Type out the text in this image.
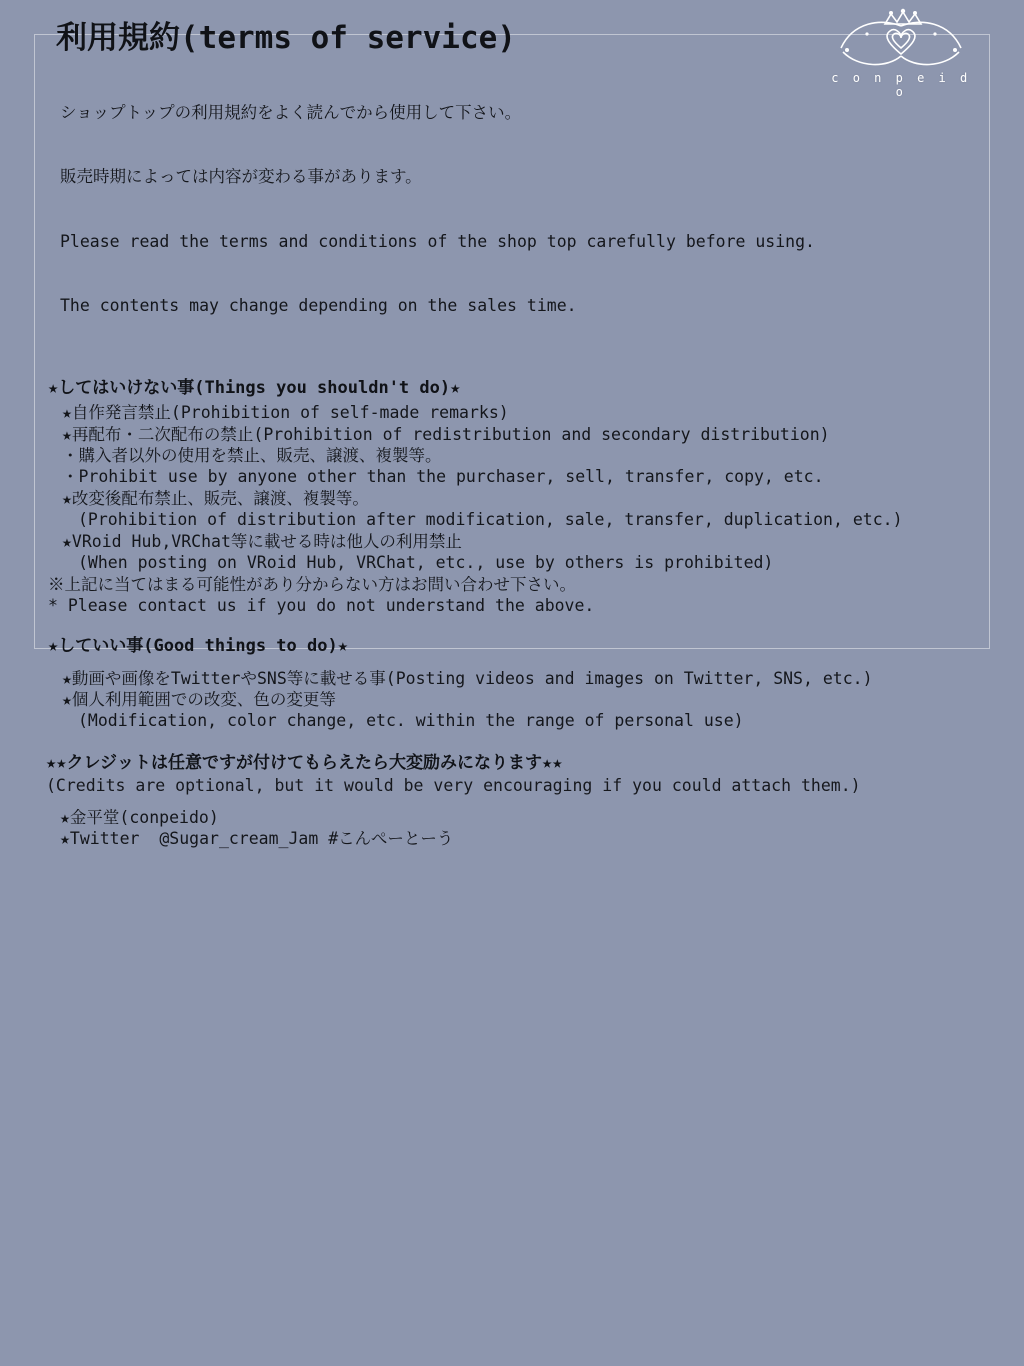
c o n p e i d o
利用規約(terms of service)

ショップトップの利用規約をよく読んでから使用して下さい。

販売時期によっては内容が変わる事があります。

Please read the terms and conditions of the shop top carefully before using.

The contents may change depending on the sales time.

★してはいけない事(Things you shouldn't do)★
★自作発言禁止(Prohibition of self-made remarks)
★再配布・二次配布の禁止(Prohibition of redistribution and secondary distribution)
・購入者以外の使用を禁止、販売、譲渡、複製等。
・Prohibit use by anyone other than the purchaser, sell, transfer, copy, etc.
★改変後配布禁止、販売、譲渡、複製等。
(Prohibition of distribution after modification, sale, transfer, duplication, etc.)
★VRoid Hub,VRChat等に載せる時は他人の利用禁止
(When posting on VRoid Hub, VRChat, etc., use by others is prohibited)
※上記に当てはまる可能性があり分からない方はお問い合わせ下さい。
* Please contact us if you do not understand the above.
★していい事(Good things to do)★
★動画や画像をTwitterやSNS等に載せる事(Posting videos and images on Twitter, SNS, etc.)
★個人利用範囲での改変、色の変更等
(Modification, color change, etc. within the range of personal use)
★★クレジットは任意ですが付けてもらえたら大変励みになります★★
(Credits are optional, but it would be very encouraging if you could attach them.)
★金平堂(conpeido)
★Twitter  @Sugar_cream_Jam #こんぺーとーう
